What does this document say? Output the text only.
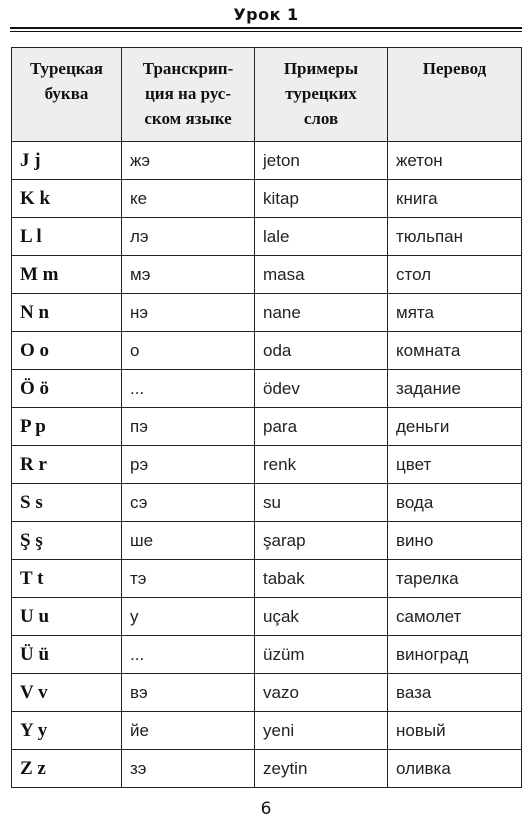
Урок 1
Турецкая
буква	Транскрип-
ция на рус-
ском языке	Примеры
турецких
слов	Перевод
J j	жэ	jeton	жетон
K k	ке	kitap	книга
L l	лэ	lale	тюльпан
M m	мэ	masa	стол
N n	нэ	nane	мята
O o	о	oda	комната
Ö ö	...	ödev	задание
P p	пэ	para	деньги
R r	рэ	renk	цвет
S s	сэ	su	вода
Ş ş	ше	şarap	вино
T t	тэ	tabak	тарелка
U u	у	uçak	самолет
Ü ü	...	üzüm	виноград
V v	вэ	vazo	ваза
Y y	йе	yeni	новый
Z z	зэ	zeytin	оливка
6
